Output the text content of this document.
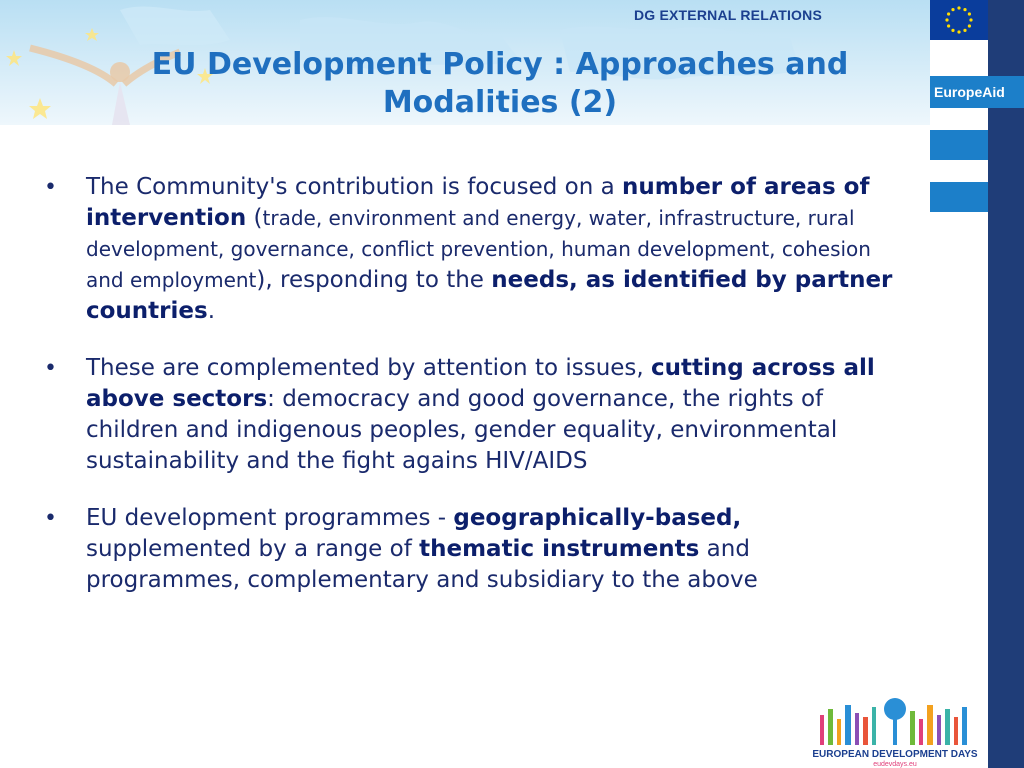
DG EXTERNAL RELATIONS
EuropeAid
EU Development Policy : Approaches and
Modalities (2)
•	The Community's contribution is focused on a number of areas of intervention (trade, environment and energy, water, infrastructure, rural development, governance, conflict prevention, human development, cohesion and employment), responding to the needs, as identified by partner countries.
•	These are complemented by attention to issues, cutting across all above sectors: democracy and good governance, the rights of children and indigenous peoples, gender equality, environmental sustainability and the fight agains HIV/AIDS
•	EU development programmes - geographically-based, supplemented by a range of thematic instruments and programmes, complementary and subsidiary to the above
EUROPEAN DEVELOPMENT DAYS
eudevdays.eu
